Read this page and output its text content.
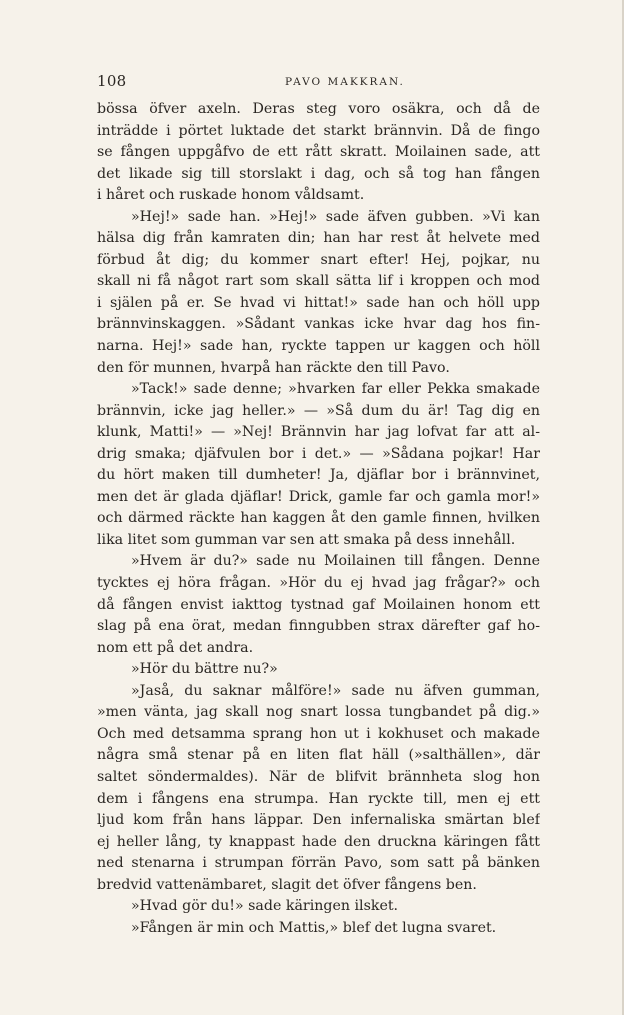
108	PAVO MAKKRAN.
bössa öfver axeln. Deras steg voro osäkra, och då de
inträdde i pörtet luktade det starkt brännvin. Då de fingo
se fången uppgåfvo de ett rått skratt. Moilainen sade, att
det likade sig till storslakt i dag, och så tog han fången
i håret och ruskade honom våldsamt.
»Hej!» sade han. »Hej!» sade äfven gubben. »Vi kan
hälsa dig från kamraten din; han har rest åt helvete med
förbud åt dig; du kommer snart efter! Hej, pojkar, nu
skall ni få något rart som skall sätta lif i kroppen och mod
i själen på er. Se hvad vi hittat!» sade han och höll upp
brännvinskaggen. »Sådant vankas icke hvar dag hos fin-
narna. Hej!» sade han, ryckte tappen ur kaggen och höll
den för munnen, hvarpå han räckte den till Pavo.
»Tack!» sade denne; »hvarken far eller Pekka smakade
brännvin, icke jag heller.» — »Så dum du är! Tag dig en
klunk, Matti!» — »Nej! Brännvin har jag lofvat far att al-
drig smaka; djäfvulen bor i det.» — »Sådana pojkar! Har
du hört maken till dumheter! Ja, djäflar bor i brännvinet,
men det är glada djäflar! Drick, gamle far och gamla mor!»
och därmed räckte han kaggen åt den gamle finnen, hvilken
lika litet som gumman var sen att smaka på dess innehåll.
»Hvem är du?» sade nu Moilainen till fången. Denne
tycktes ej höra frågan. »Hör du ej hvad jag frågar?» och
då fången envist iakttog tystnad gaf Moilainen honom ett
slag på ena örat, medan finngubben strax därefter gaf ho-
nom ett på det andra.
»Hör du bättre nu?»
»Jaså, du saknar målföre!» sade nu äfven gumman,
»men vänta, jag skall nog snart lossa tungbandet på dig.»
Och med detsamma sprang hon ut i kokhuset och makade
några små stenar på en liten flat häll (»salthällen», där
saltet söndermaldes). När de blifvit brännheta slog hon
dem i fångens ena strumpa. Han ryckte till, men ej ett
ljud kom från hans läppar. Den infernaliska smärtan blef
ej heller lång, ty knappast hade den druckna käringen fått
ned stenarna i strumpan förrän Pavo, som satt på bänken
bredvid vattenämbaret, slagit det öfver fångens ben.
»Hvad gör du!» sade käringen ilsket.
»Fången är min och Mattis,» blef det lugna svaret.
